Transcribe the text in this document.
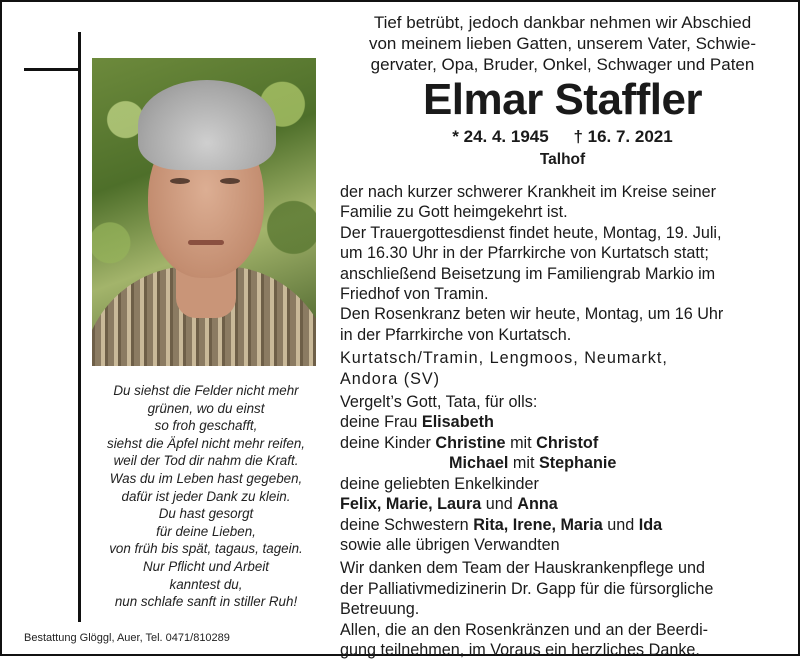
Du siehst die Felder nicht mehr
grünen, wo du einst
so froh geschafft,
siehst die Äpfel nicht mehr reifen,
weil der Tod dir nahm die Kraft.
Was du im Leben hast gegeben,
dafür ist jeder Dank zu klein.
Du hast gesorgt
für deine Lieben,
von früh bis spät, tagaus, tagein.
Nur Pflicht und Arbeit
kanntest du,
nun schlafe sanft in stiller Ruh!
Bestattung Glöggl, Auer, Tel. 0471/810289
Tief betrübt, jedoch dankbar nehmen wir Abschied
von meinem lieben Gatten, unserem Vater, Schwie-
gervater, Opa, Bruder, Onkel, Schwager und Paten
Elmar Staffler
* 24. 4. 1945 † 16. 7. 2021
Talhof
der nach kurzer schwerer Krankheit im Kreise seiner
Familie zu Gott heimgekehrt ist.
Der Trauergottesdienst findet heute, Montag, 19. Juli,
um 16.30 Uhr in der Pfarrkirche von Kurtatsch statt;
anschließend Beisetzung im Familiengrab Markio im
Friedhof von Tramin.
Den Rosenkranz beten wir heute, Montag, um 16 Uhr
in der Pfarrkirche von Kurtatsch.
Kurtatsch/Tramin, Lengmoos, Neumarkt,
Andora (SV)
Vergelt’s Gott, Tata, für olls:
deine Frau Elisabeth
deine Kinder Christine mit Christof
Michael mit Stephanie
deine geliebten Enkelkinder
Felix, Marie, Laura und Anna
deine Schwestern Rita, Irene, Maria und Ida
sowie alle übrigen Verwandten
Wir danken dem Team der Hauskrankenpflege und
der Palliativmedizinerin Dr. Gapp für die fürsorgliche
Betreuung.
Allen, die an den Rosenkränzen und an der Beerdi-
gung teilnehmen, im Voraus ein herzliches Danke.
